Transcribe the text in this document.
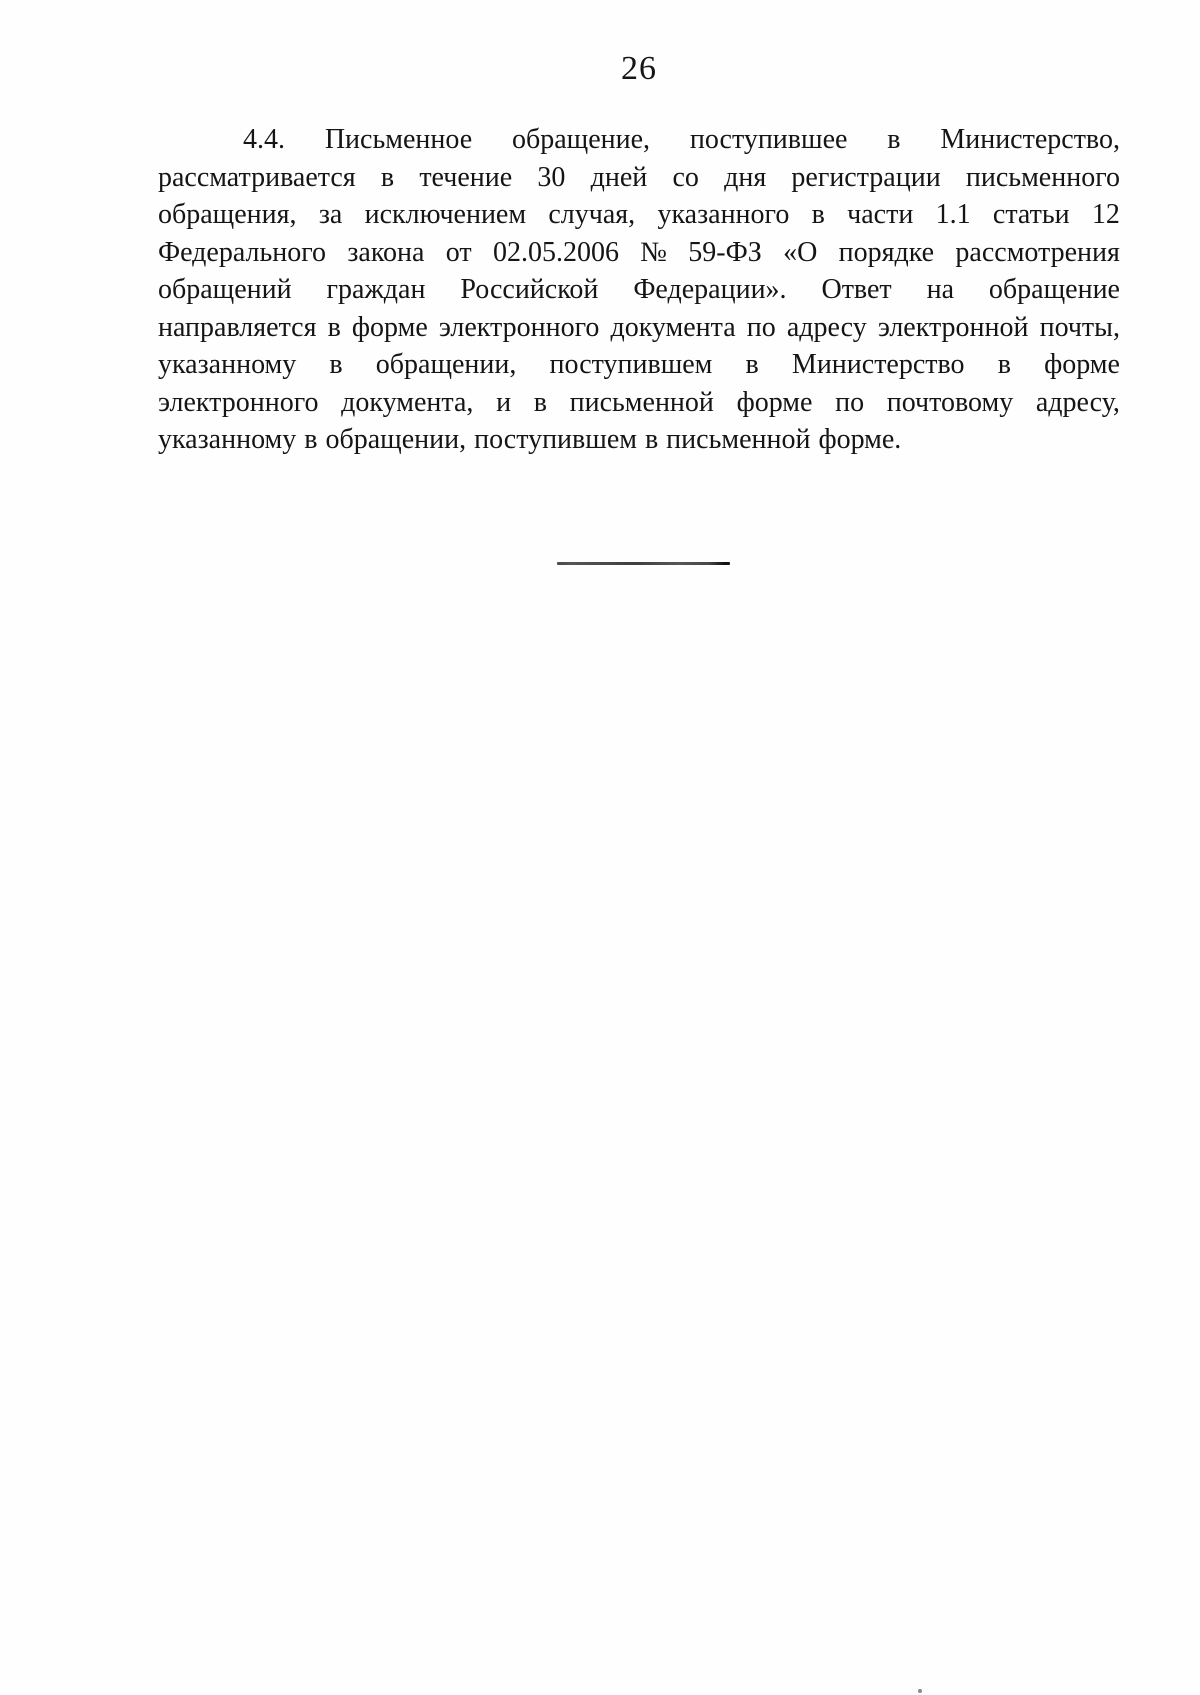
26
4.4. Письменное обращение, поступившее в Министерство,
рассматривается в течение 30 дней со дня регистрации письменного
обращения, за исключением случая, указанного в части 1.1 статьи 12
Федерального закона от 02.05.2006 № 59-ФЗ «О порядке рассмотрения
обращений граждан Российской Федерации». Ответ на обращение
направляется в форме электронного документа по адресу электронной почты,
указанному в обращении, поступившем в Министерство в форме
электронного документа, и в письменной форме по почтовому адресу,
указанному в обращении, поступившем в письменной форме.
